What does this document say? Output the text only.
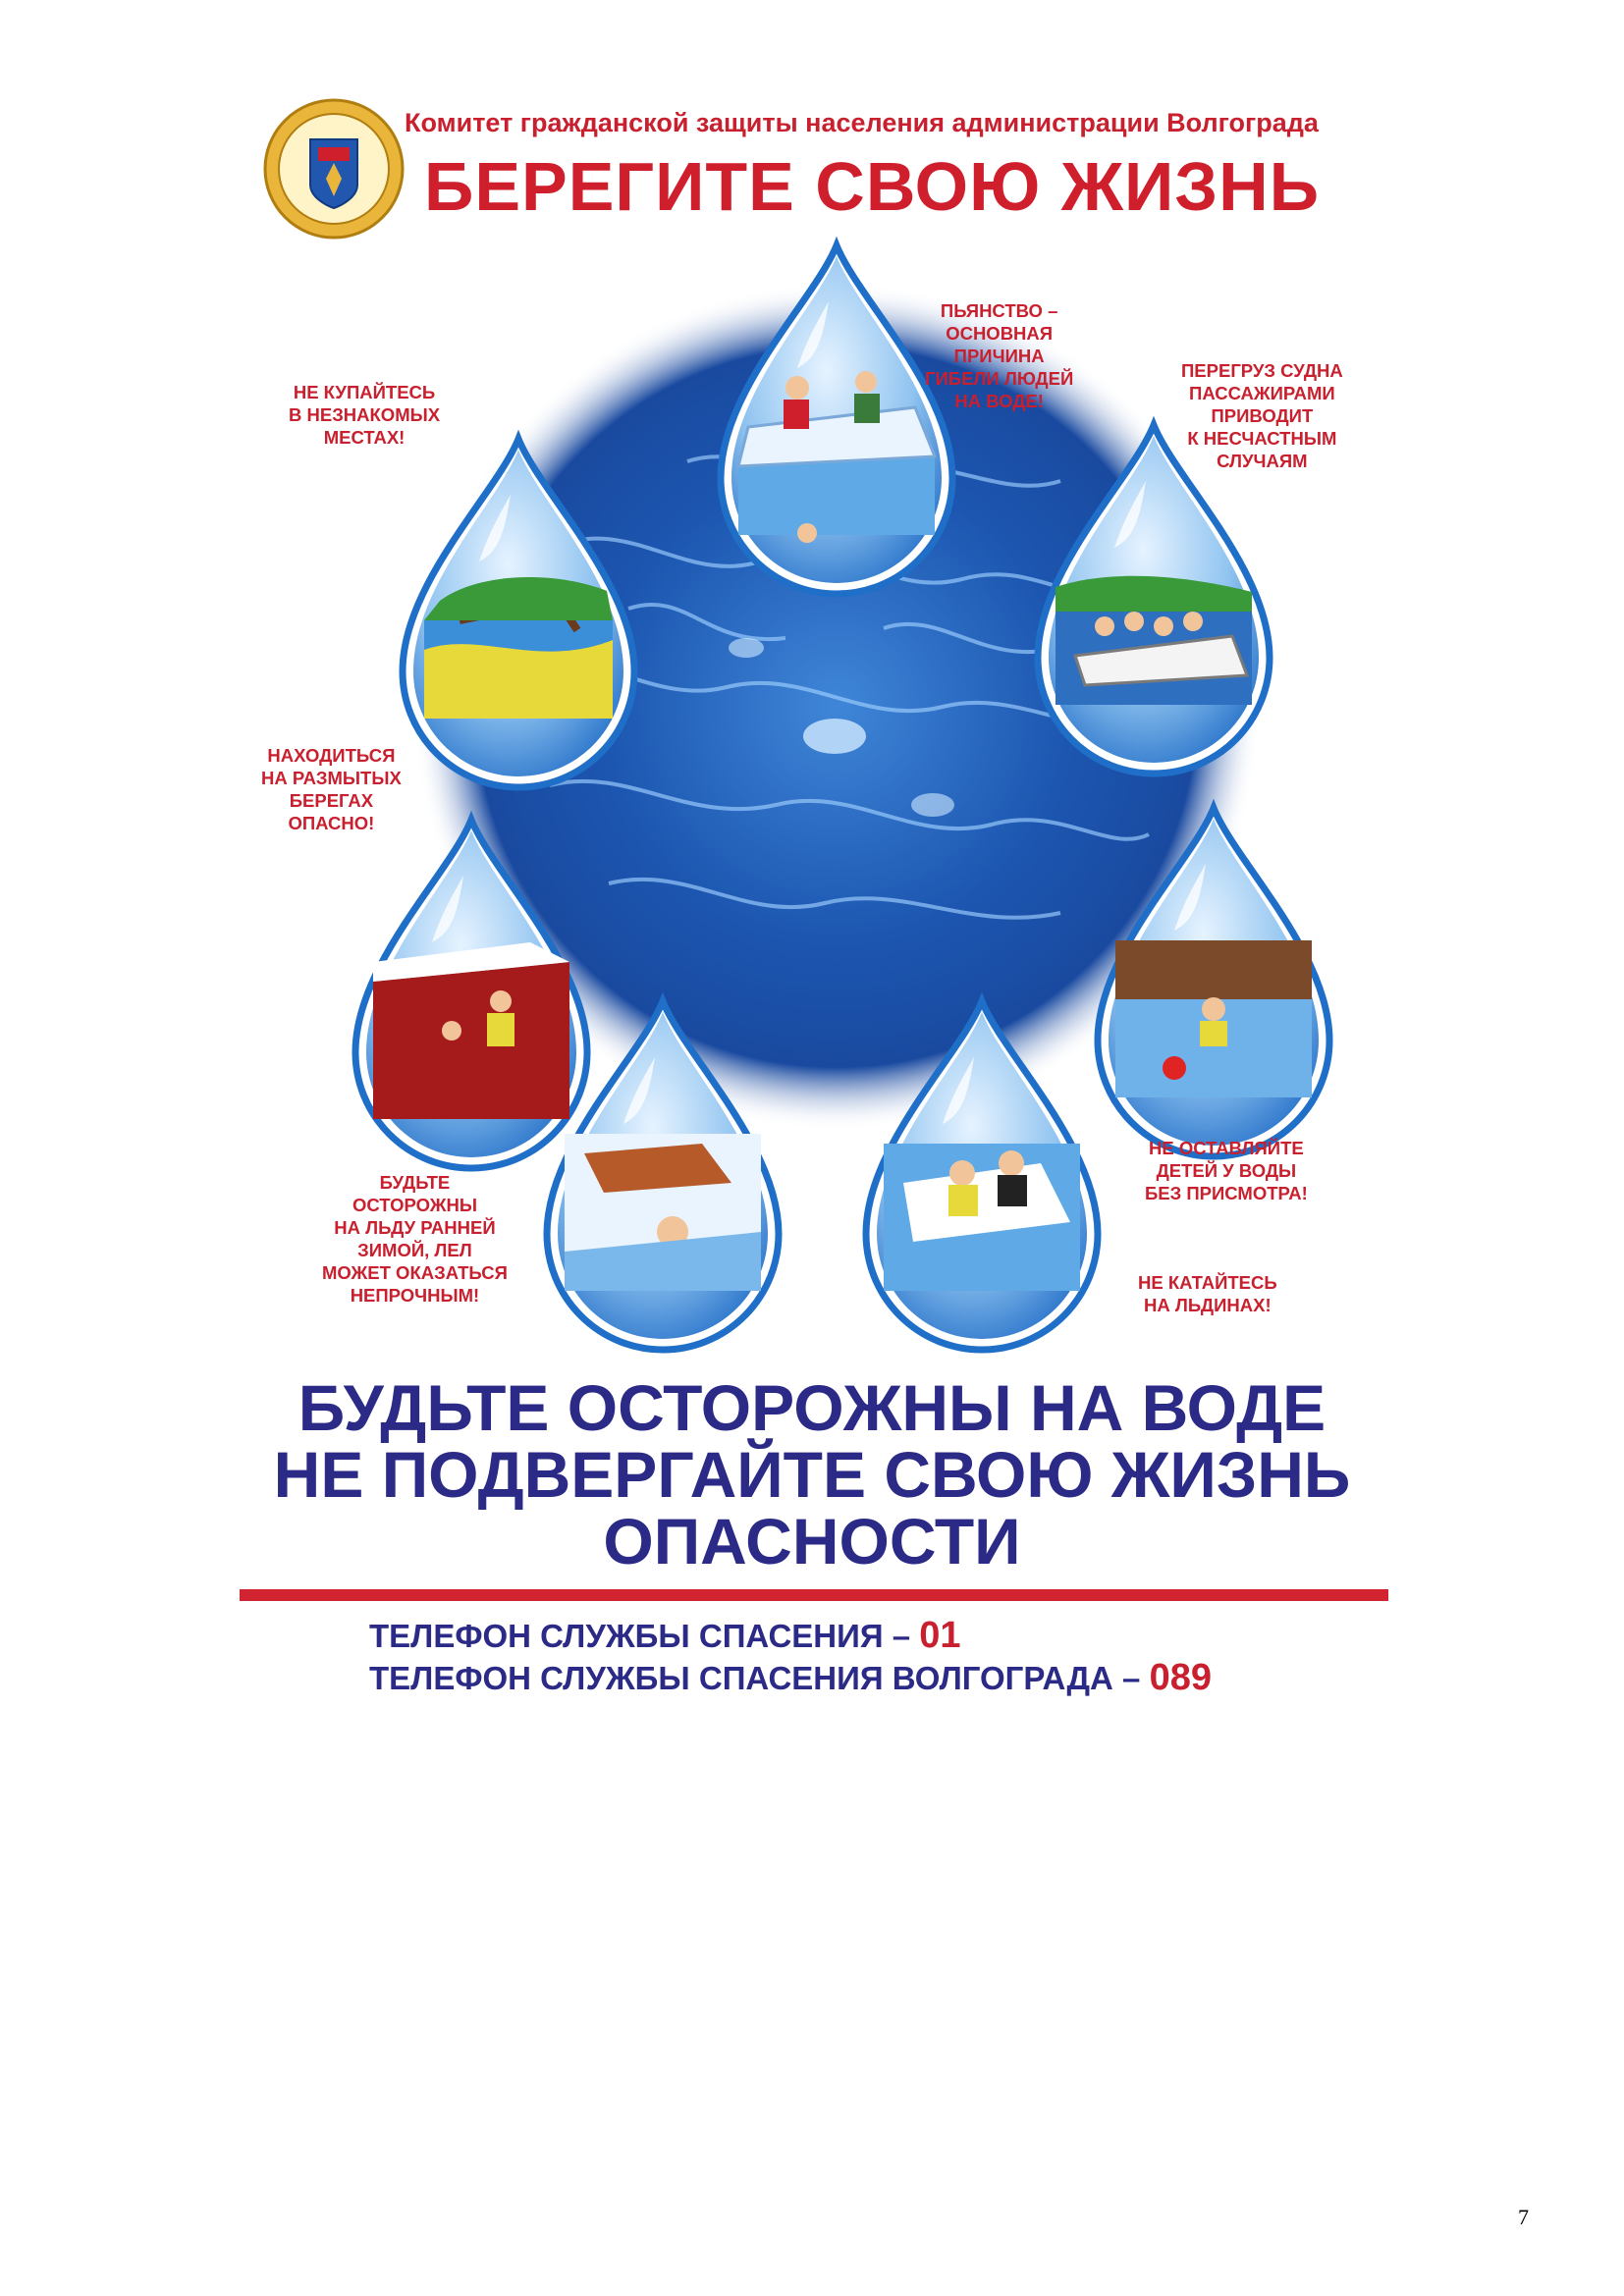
Комитет гражданской защиты населения администрации Волгограда
БЕРЕГИТЕ СВОЮ ЖИЗНЬ
НЕ КУПАЙТЕСЬ
В НЕЗНАКОМЫХ
МЕСТАХ!
ПЬЯНСТВО –
ОСНОВНАЯ
ПРИЧИНА
ГИБЕЛИ ЛЮДЕЙ
НА ВОДЕ!
ПЕРЕГРУЗ СУДНА
ПАССАЖИРАМИ
ПРИВОДИТ
К НЕСЧАСТНЫМ
СЛУЧАЯМ
НАХОДИТЬСЯ
НА РАЗМЫТЫХ
БЕРЕГАХ
ОПАСНО!
НЕ ОСТАВЛЯЙТЕ
ДЕТЕЙ У ВОДЫ
БЕЗ ПРИСМОТРА!
БУДЬТЕ
ОСТОРОЖНЫ
НА ЛЬДУ РАННЕЙ
ЗИМОЙ, ЛЕЛ
МОЖЕТ ОКАЗАТЬСЯ
НЕПРОЧНЫМ!
НЕ КАТАЙТЕСЬ
НА ЛЬДИНАХ!
БУДЬТЕ ОСТОРОЖНЫ НА ВОДЕ
НЕ ПОДВЕРГАЙТЕ СВОЮ ЖИЗНЬ
ОПАСНОСТИ

ТЕЛЕФОН СЛУЖБЫ СПАСЕНИЯ – 01

ТЕЛЕФОН СЛУЖБЫ СПАСЕНИЯ ВОЛГОГРАДА – 089

7
